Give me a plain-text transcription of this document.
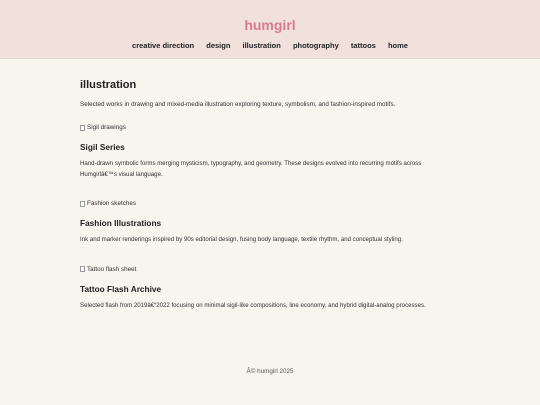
humgirl
creative direction design illustration photography tattoos home
illustration

Selected works in drawing and mixed-media illustration exploring texture, symbolism, and fashion-inspired motifs.

Sigil drawings
Sigil Series

Hand-drawn symbolic forms merging mysticism, typography, and geometry. These designs evolved into recurring motifs across Humgirlâ€™s visual language.

Fashion sketches
Fashion Illustrations

Ink and marker renderings inspired by 90s editorial design, fusing body language, textile rhythm, and conceptual styling.

Tattoo flash sheet
Tattoo Flash Archive

Selected flash from 2019â€“2022 focusing on minimal sigil-like compositions, line economy, and hybrid digital-analog processes.

Â© humgirl 2025
